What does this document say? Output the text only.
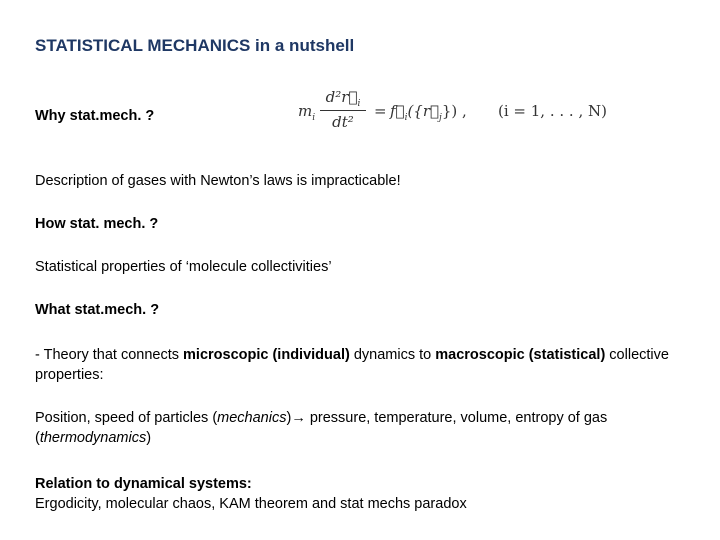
STATISTICAL MECHANICS in a nutshell
Why stat.mech. ?	$m_i$
$d^2r⃗_i$
dt²
= $f⃗_i(\{r⃗_j\})$ , (i = 1, . . . , N)
Description of gases with Newton’s laws is impracticable!
How stat. mech. ?
Statistical properties of ‘molecule collectivities’
What stat.mech. ?
- Theory that connects microscopic (individual) dynamics to macroscopic (statistical) collective properties:
Position, speed of particles (mechanics)→ pressure, temperature, volume, entropy of gas (thermodynamics)
Relation to dynamical systems:
Ergodicity, molecular chaos, KAM theorem and stat mechs paradox
